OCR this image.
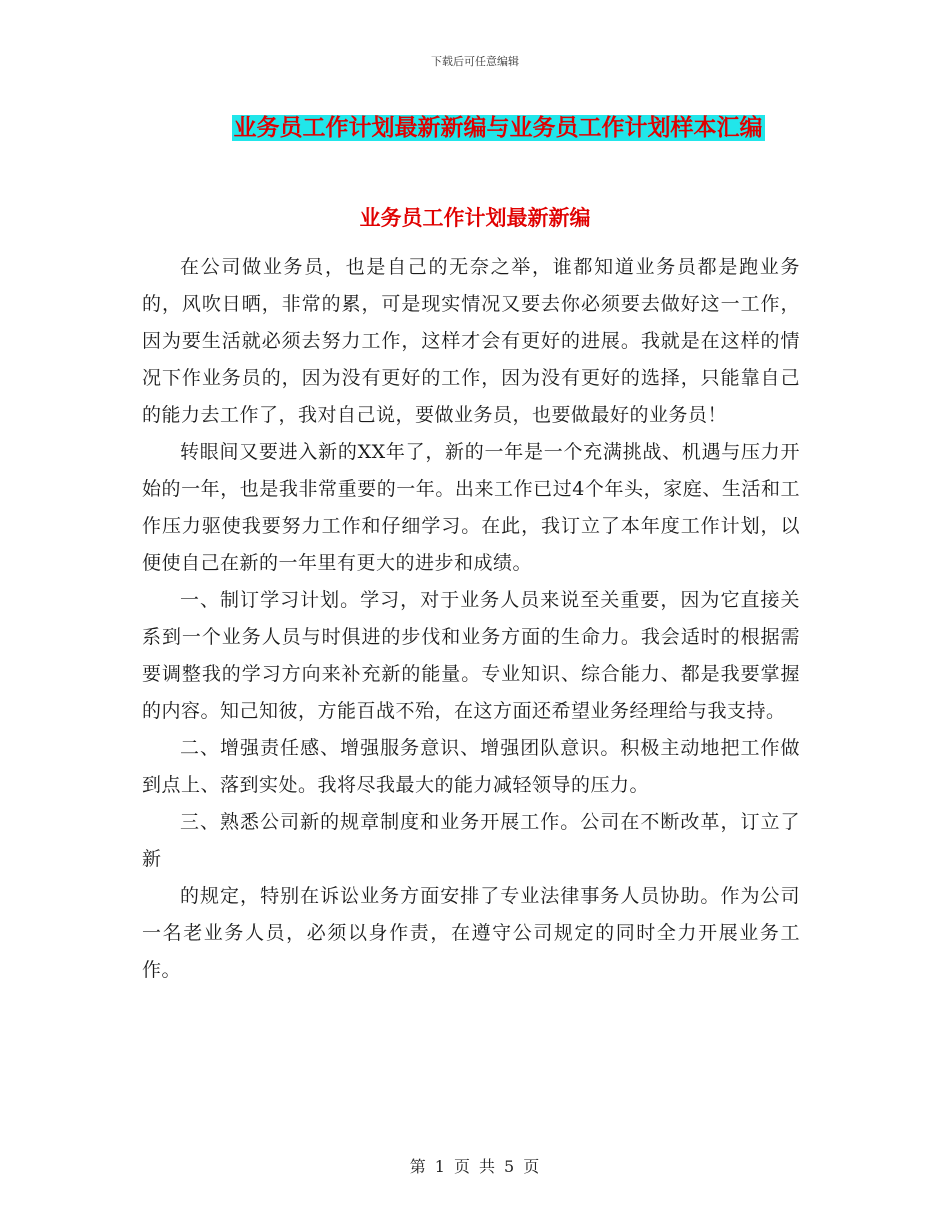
下载后可任意编辑
业务员工作计划最新新编与业务员工作计划样本汇编
业务员工作计划最新新编

在公司做业务员，也是自己的无奈之举，谁都知道业务员都是跑业务的，风吹日晒，非常的累，可是现实情况又要去你必须要去做好这一工作，因为要生活就必须去努力工作，这样才会有更好的进展。我就是在这样的情况下作业务员的，因为没有更好的工作，因为没有更好的选择，只能靠自己的能力去工作了，我对自己说，要做业务员，也要做最好的业务员！

转眼间又要进入新的XX年了，新的一年是一个充满挑战、机遇与压力开始的一年，也是我非常重要的一年。出来工作已过4个年头，家庭、生活和工作压力驱使我要努力工作和仔细学习。在此，我订立了本年度工作计划，以便使自己在新的一年里有更大的进步和成绩。

一、制订学习计划。学习，对于业务人员来说至关重要，因为它直接关系到一个业务人员与时俱进的步伐和业务方面的生命力。我会适时的根据需要调整我的学习方向来补充新的能量。专业知识、综合能力、都是我要掌握的内容。知己知彼，方能百战不殆，在这方面还希望业务经理给与我支持。

二、增强责任感、增强服务意识、增强团队意识。积极主动地把工作做到点上、落到实处。我将尽我最大的能力减轻领导的压力。

三、熟悉公司新的规章制度和业务开展工作。公司在不断改革，订立了新

的规定，特别在诉讼业务方面安排了专业法律事务人员协助。作为公司一名老业务人员，必须以身作责，在遵守公司规定的同时全力开展业务工作。

第 1 页 共 5 页
